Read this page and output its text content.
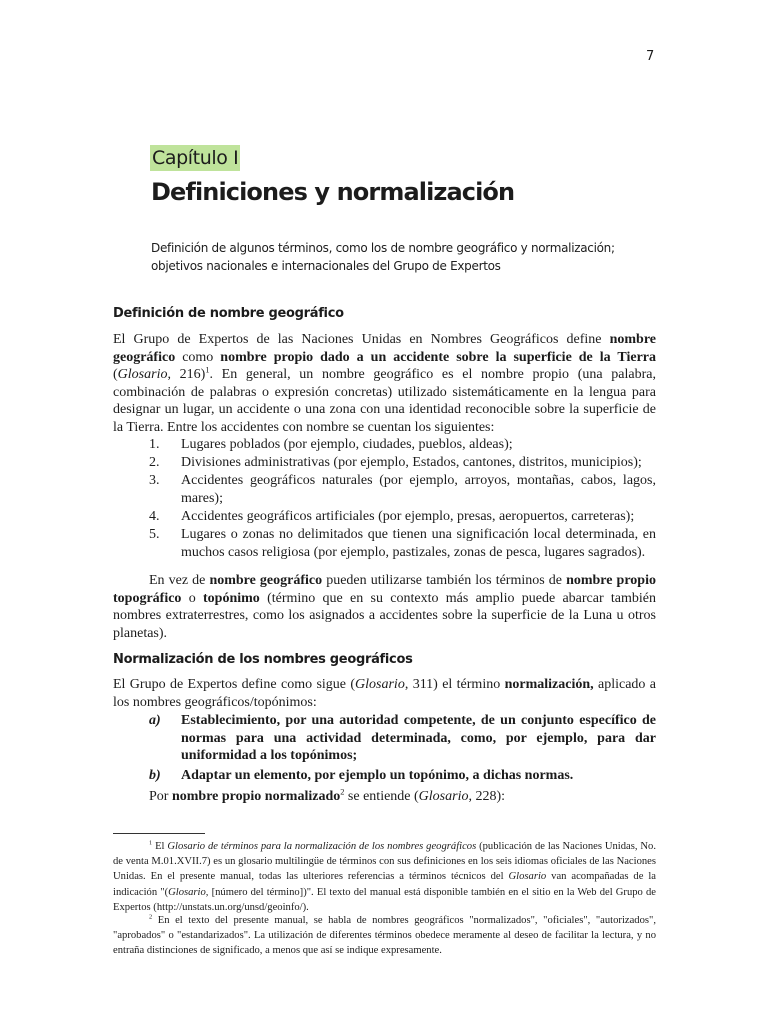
7
Capítulo I
Definiciones y normalización
Definición de algunos términos, como los de nombre geográfico y normalización; objetivos nacionales e internacionales del Grupo de Expertos
Definición de nombre geográfico

El Grupo de Expertos de las Naciones Unidas en Nombres Geográficos define nombre geográfico como nombre propio dado a un accidente sobre la superficie de la Tierra (Glosario, 216)$^1$. En general, un nombre geográfico es el nombre propio (una palabra, combinación de palabras o expresión concretas) utilizado sistemáticamente en la lengua para designar un lugar, un accidente o una zona con una identidad reconocible sobre la superficie de la Tierra. Entre los accidentes con nombre se cuentan los siguientes:

1. Lugares poblados (por ejemplo, ciudades, pueblos, aldeas);
2. Divisiones administrativas (por ejemplo, Estados, cantones, distritos, municipios);
3. Accidentes geográficos naturales (por ejemplo, arroyos, montañas, cabos, lagos, mares);
4. Accidentes geográficos artificiales (por ejemplo, presas, aeropuertos, carreteras);
5. Lugares o zonas no delimitados que tienen una significación local determinada, en muchos casos religiosa (por ejemplo, pastizales, zonas de pesca, lugares sagrados).

En vez de nombre geográfico pueden utilizarse también los términos de nombre propio topográfico o topónimo (término que en su contexto más amplio puede abarcar también nombres extraterrestres, como los asignados a accidentes sobre la superficie de la Luna u otros planetas).

Normalización de los nombres geográficos

El Grupo de Expertos define como sigue (Glosario, 311) el término normalización, aplicado a los nombres geográficos/topónimos:

a) Establecimiento, por una autoridad competente, de un conjunto específico de normas para una actividad determinada, como, por ejemplo, para dar uniformidad a los topónimos;
b) Adaptar un elemento, por ejemplo un topónimo, a dichas normas.

Por nombre propio normalizado$^2$ se entiende (Glosario, 228):

$^1$ El Glosario de términos para la normalización de los nombres geográficos (publicación de las Naciones Unidas, No. de venta M.01.XVII.7) es un glosario multilingüe de términos con sus definiciones en los seis idiomas oficiales de las Naciones Unidas. En el presente manual, todas las ulteriores referencias a términos técnicos del Glosario van acompañadas de la indicación "(Glosario, [número del término])". El texto del manual está disponible también en el sitio en la Web del Grupo de Expertos (http://unstats.un.org/unsd/geoinfo/).

$^2$ En el texto del presente manual, se habla de nombres geográficos "normalizados", "oficiales", "autorizados", "aprobados" o "estandarizados". La utilización de diferentes términos obedece meramente al deseo de facilitar la lectura, y no entraña distinciones de significado, a menos que así se indique expresamente.
